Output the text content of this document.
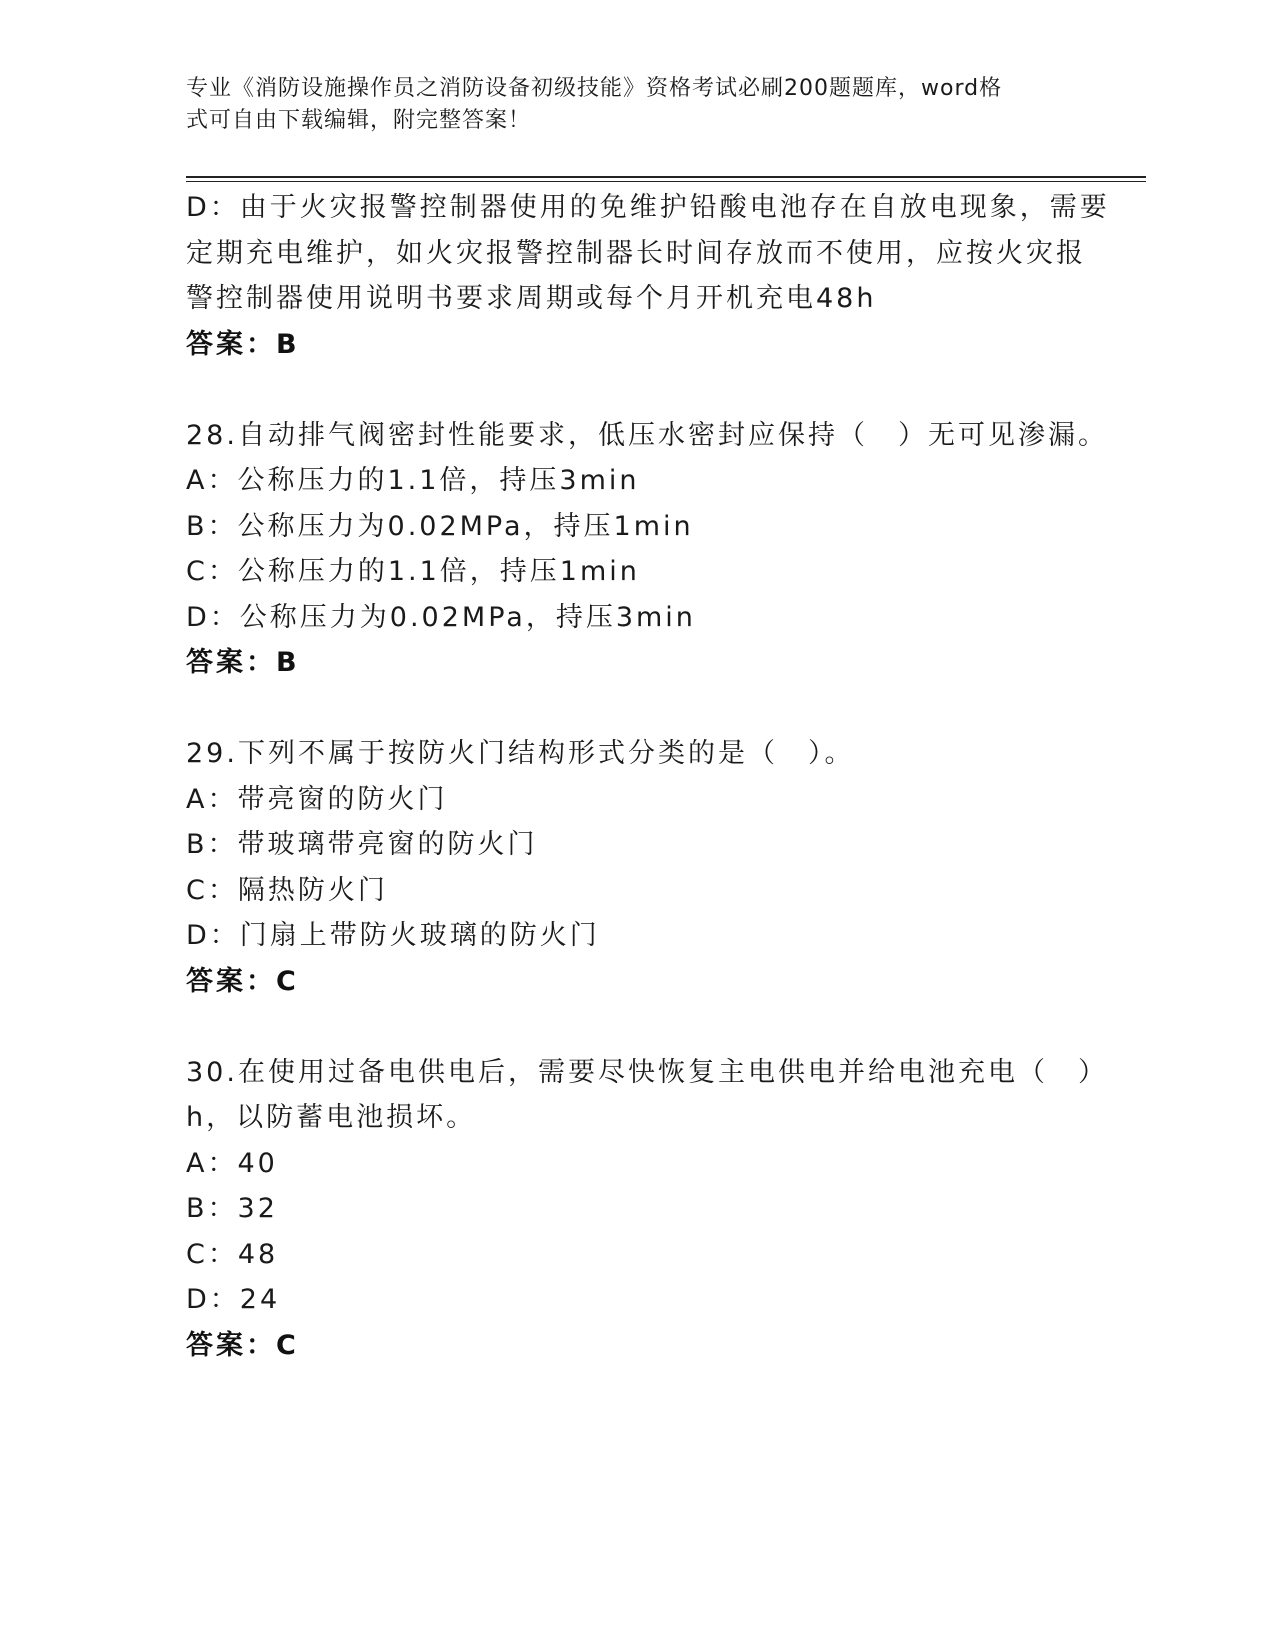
专业《消防设施操作员之消防设备初级技能》资格考试必刷200题题库，word格
式可自由下载编辑，附完整答案！
D：由于火灾报警控制器使用的免维护铅酸电池存在自放电现象，需要
定期充电维护，如火灾报警控制器长时间存放而不使用，应按火灾报
警控制器使用说明书要求周期或每个月开机充电48h
答案：B
28.自动排气阀密封性能要求，低压水密封应保持（　）无可见渗漏。
A：公称压力的1.1倍，持压3min
B：公称压力为0.02MPa，持压1min
C：公称压力的1.1倍，持压1min
D：公称压力为0.02MPa，持压3min
答案：B
29.下列不属于按防火门结构形式分类的是（　）。
A：带亮窗的防火门
B：带玻璃带亮窗的防火门
C：隔热防火门
D：门扇上带防火玻璃的防火门
答案：C
30.在使用过备电供电后，需要尽快恢复主电供电并给电池充电（　）
h，以防蓄电池损坏。
A：40
B：32
C：48
D：24
答案：C
